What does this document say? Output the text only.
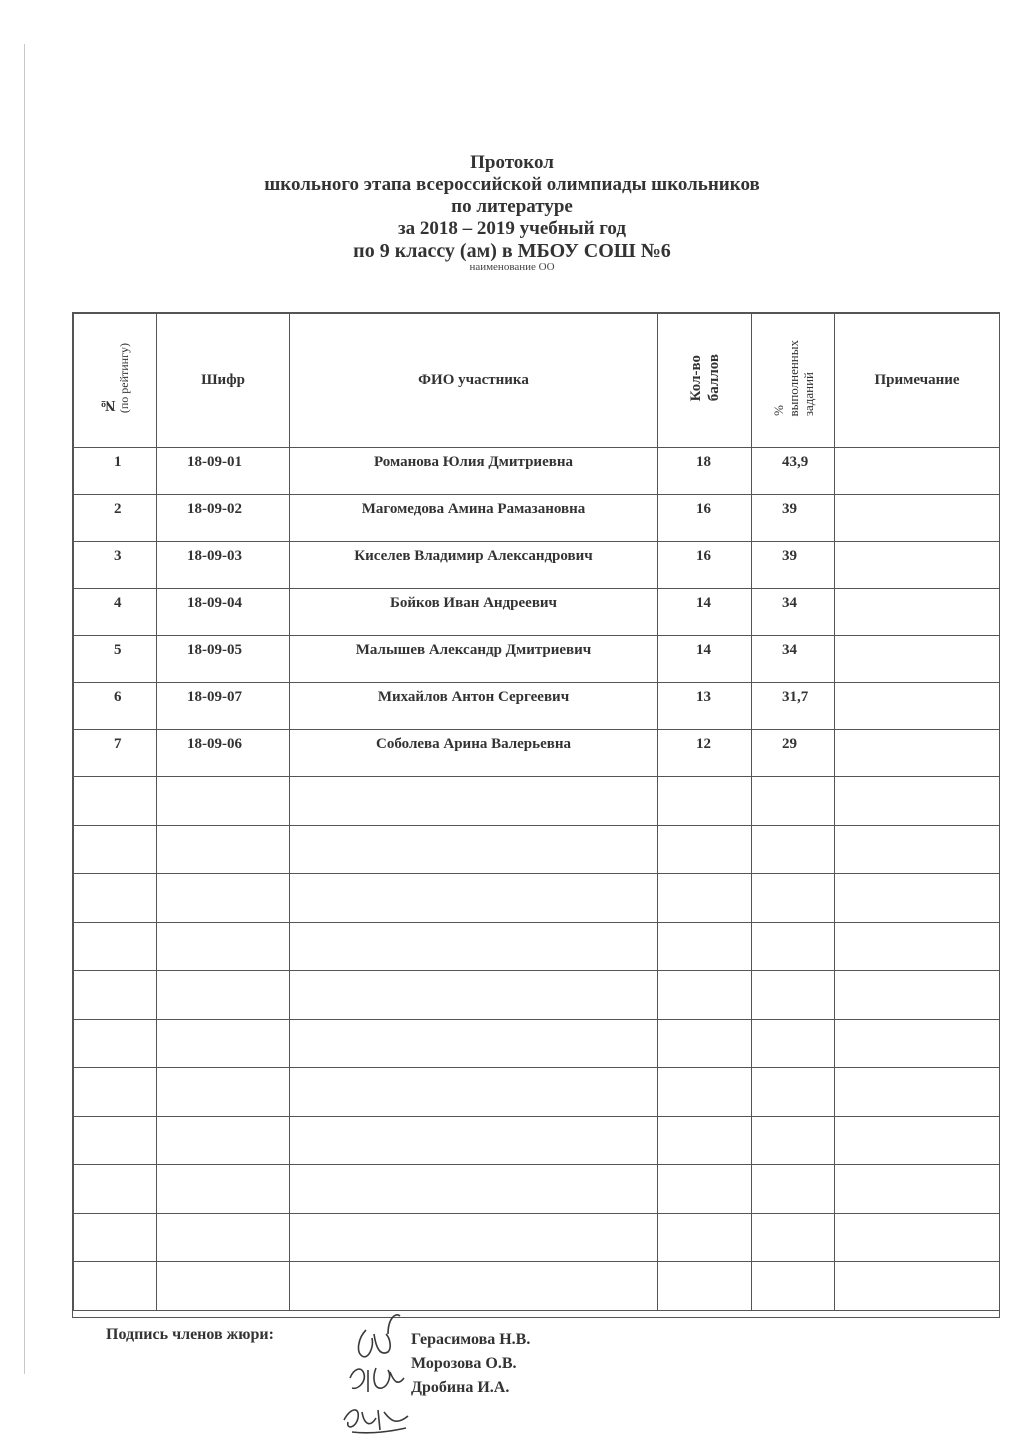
Протокол
школьного этапа всероссийской олимпиады школьников
по литературе
за 2018 – 2019 учебный год
по 9 классу (ам) в МБОУ СОШ №6
наименование ОО
№(по рейтингу)	Шифр	ФИО участника	Кол-во баллов	%выполненныхзаданий	Примечание
1	18-09-01	Романова Юлия Дмитриевна	18	43,9	
2	18-09-02	Магомедова Амина Рамазановна	16	39	
3	18-09-03	Киселев Владимир Александрович	16	39	
4	18-09-04	Бойков Иван Андреевич	14	34	
5	18-09-05	Малышев Александр Дмитриевич	14	34	
6	18-09-07	Михайлов Антон Сергеевич	13	31,7	
7	18-09-06	Соболева Арина Валерьевна	12	29	

Подпись членов жюри:	Герасимова Н.В.
Морозова О.В.
Дробина И.А.
